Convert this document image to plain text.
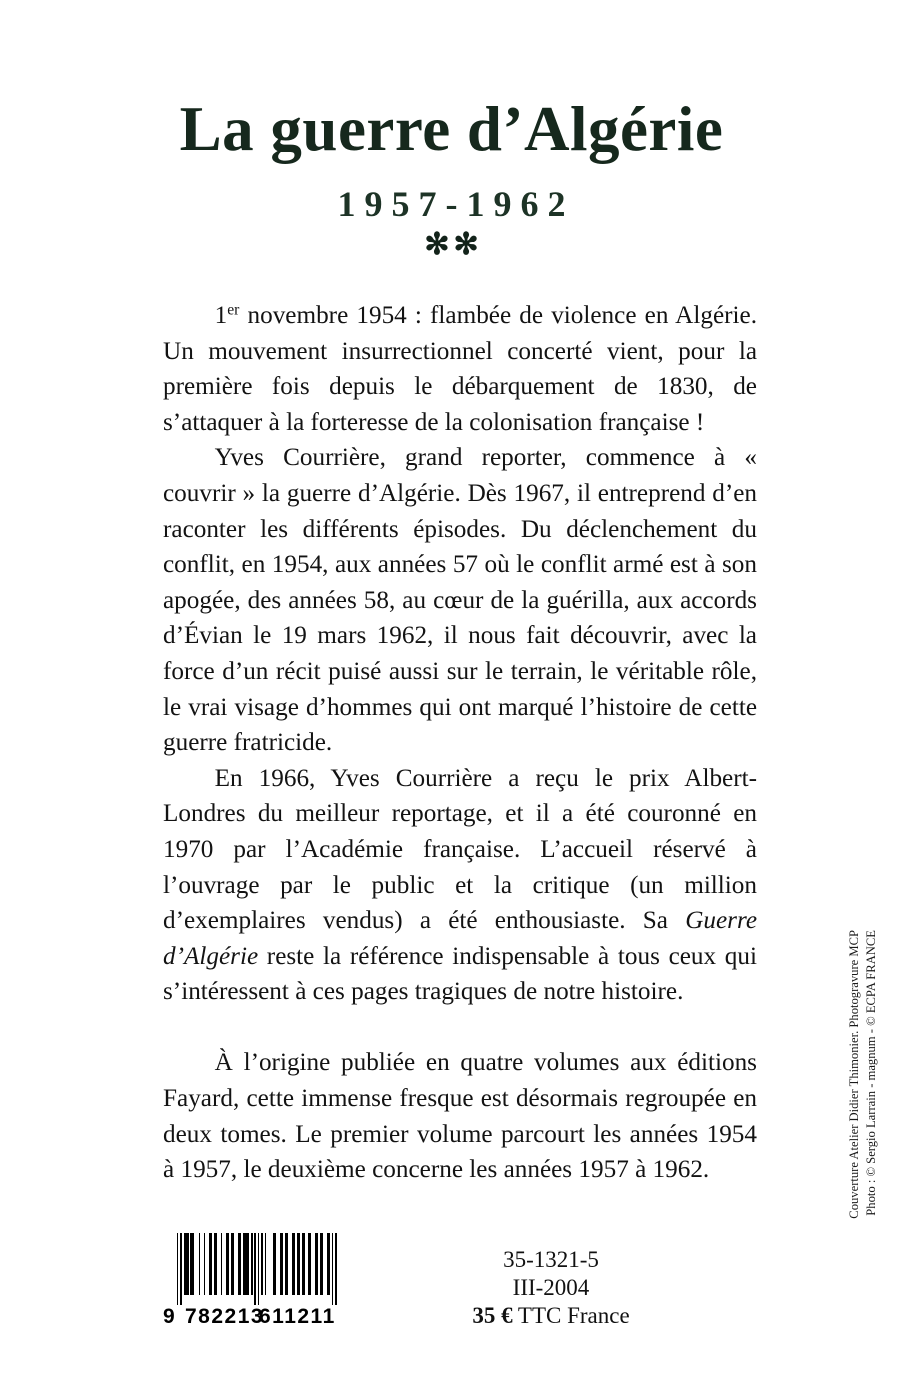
La guerre d’Algérie
1957-1962
✻✻

1er novembre 1954 : flambée de violence en Algérie. Un mouvement insurrectionnel concerté vient, pour la première fois depuis le débarquement de 1830, de s’attaquer à la forteresse de la colonisation française !

Yves Courrière, grand reporter, commence à « couvrir » la guerre d’Algérie. Dès 1967, il entreprend d’en raconter les différents épisodes. Du déclenchement du conflit, en 1954, aux années 57 où le conflit armé est à son apogée, des années 58, au cœur de la guérilla, aux accords d’Évian le 19 mars 1962, il nous fait découvrir, avec la force d’un récit puisé aussi sur le terrain, le véritable rôle, le vrai visage d’hommes qui ont marqué l’histoire de cette guerre fratricide.

En 1966, Yves Courrière a reçu le prix Albert-Londres du meilleur reportage, et il a été couronné en 1970 par l’Académie française. L’accueil réservé à l’ouvrage par le public et la critique (un million d’exemplaires vendus) a été enthousiaste. Sa Guerre d’Algérie reste la référence indispensable à tous ceux qui s’intéressent à ces pages tragiques de notre histoire.

À l’origine publiée en quatre volumes aux éditions Fayard, cette immense fresque est désormais regroupée en deux tomes. Le premier volume parcourt les années 1954 à 1957, le deuxième concerne les années 1957 à 1962.	Couverture Atelier Didier Thimonier. Photogravure MCP Photo : © Sergio Larrain - magnum - © ECPA FRANCE
9 782213
611211
35-1321-5
III-2004
35 € TTC France
